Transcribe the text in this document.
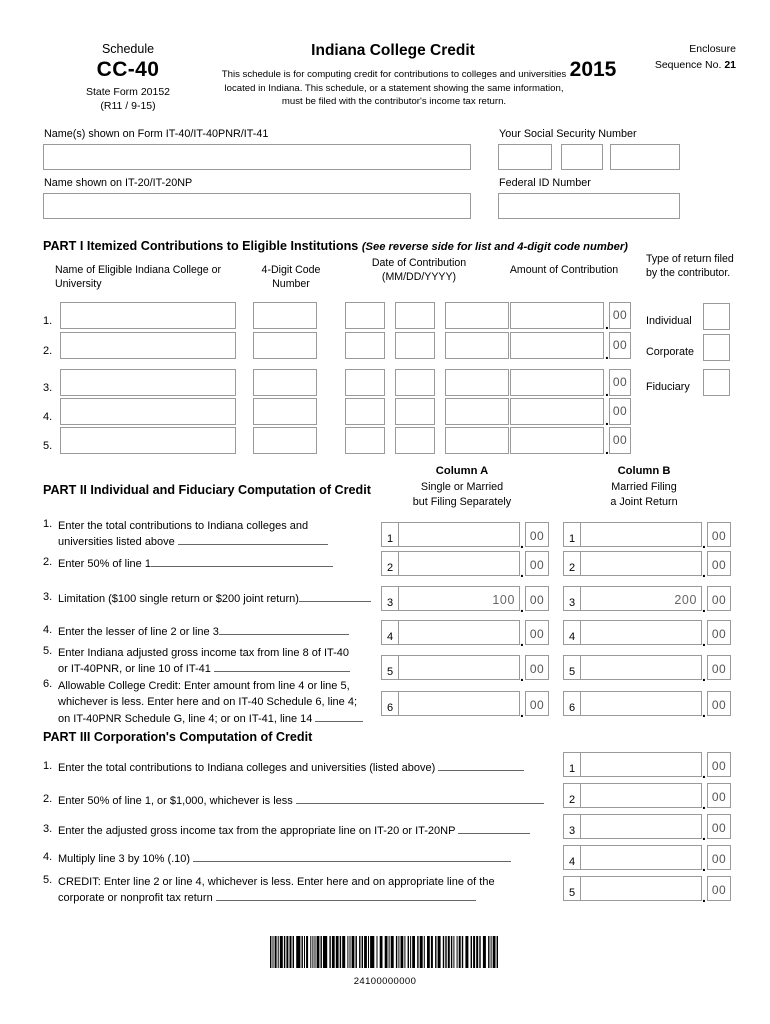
Schedule
CC-40
State Form 20152
(R11 / 9-15)
Indiana College Credit
This schedule is for computing credit for contributions to colleges and universities located in Indiana. This schedule, or a statement showing the same information, must be filed with the contributor's income tax return.
2015
Enclosure
Sequence No. 21
Name(s) shown on Form IT-40/IT-40PNR/IT-41
Name shown on IT-20/IT-20NP
Your Social Security Number
Federal ID Number
PART I Itemized Contributions to Eligible Institutions (See reverse side for list and 4-digit code number)
Name of Eligible Indiana College or University
4-Digit Code Number
Date of Contribution (MM/DD/YYYY)
Amount of Contribution
Type of return filed by the contributor.
1.	.
00
2.	.
00
3.	.
00
4.	.
00
5.	.
00
Individual
Corporate
Fiduciary
PART II Individual and Fiduciary Computation of Credit
Column A
Single or Married
but Filing Separately
Column B
Married Filing
a Joint Return
1. Enter the total contributions to Indiana colleges and
universities listed above	1	. 00	1	. 00
2. Enter 50% of line 1	2	. 00	2	. 00
3. Limitation ($100 single return or $200 joint return)	3	100 . 00	3	200 . 00
4. Enter the lesser of line 2 or line 3	4	. 00	4	. 00
5. Enter Indiana adjusted gross income tax from line 8 of IT-40
or IT-40PNR, or line 10 of IT-41	5	. 00	5	. 00
6. Allowable College Credit: Enter amount from line 4 or line 5,
whichever is less. Enter here and on IT-40 Schedule 6, line 4;
on IT-40PNR Schedule G, line 4; or on IT-41, line 14
6	. 00	6	. 00
PART III Corporation's Computation of Credit
1. Enter the total contributions to Indiana colleges and universities (listed above)	1	. 00
2. Enter 50% of line 1, or $1,000, whichever is less	2	. 00
3. Enter the adjusted gross income tax from the appropriate line on IT-20 or IT-20NP	3	. 00
4. Multiply line 3 by 10% (.10)	4	. 00
5. CREDIT: Enter line 2 or line 4, whichever is less. Enter here and on appropriate line of the
corporate or nonprofit tax return	5	. 00
24100000000
